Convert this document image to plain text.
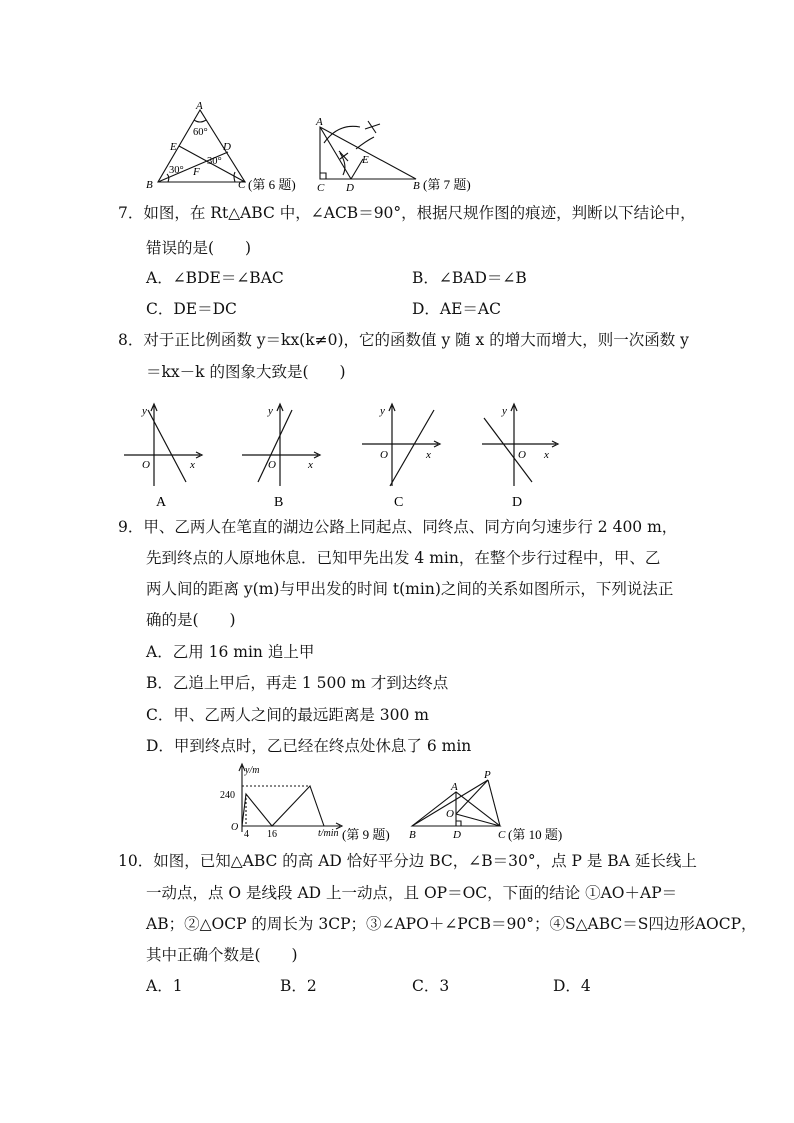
A
60°
E	D
30°
30° F
B	C (第 6 题)
A
E
C D	B (第 7 题)
7．如图，在 Rt△ABC 中，∠ACB＝90°，根据尺规作图的痕迹，判断以下结论中，
错误的是(　　)
A．∠BDE＝∠BAC	B．∠BAD＝∠B
C．DE＝DC	D．AE＝AC
8．对于正比例函数 y＝kx(k≠0)，它的函数值 y 随 x 的增大而增大，则一次函数 y
＝kx－k 的图象大致是(　　)
y
O	x
A
y
O	x
B
y
O	x
C
y
O x
D
9．甲、乙两人在笔直的湖边公路上同起点、同终点、同方向匀速步行 2 400 m，
先到终点的人原地休息．已知甲先出发 4 min，在整个步行过程中，甲、乙
两人间的距离 y(m)与甲出发的时间 t(min)之间的关系如图所示，下列说法正
确的是(　　)
A．乙用 16 min 追上甲
B．乙追上甲后，再走 1 500 m 才到达终点
C．甲、乙两人之间的最远距离是 300 m
D．甲到终点时，乙已经在终点处休息了 6 min
y/m
240
O
4 16	t/min (第 9 题)
P
A
O
B	D	C (第 10 题)
10．如图，已知△ABC 的高 AD 恰好平分边 BC，∠B＝30°，点 P 是 BA 延长线上
一动点，点 O 是线段 AD 上一动点，且 OP＝OC，下面的结论 ①AO＋AP＝
AB；②△OCP 的周长为 3CP；③∠APO＋∠PCB＝90°；④S△ABC＝S四边形AOCP，
其中正确个数是(　　)
A．1	B．2	C．3	D．4
